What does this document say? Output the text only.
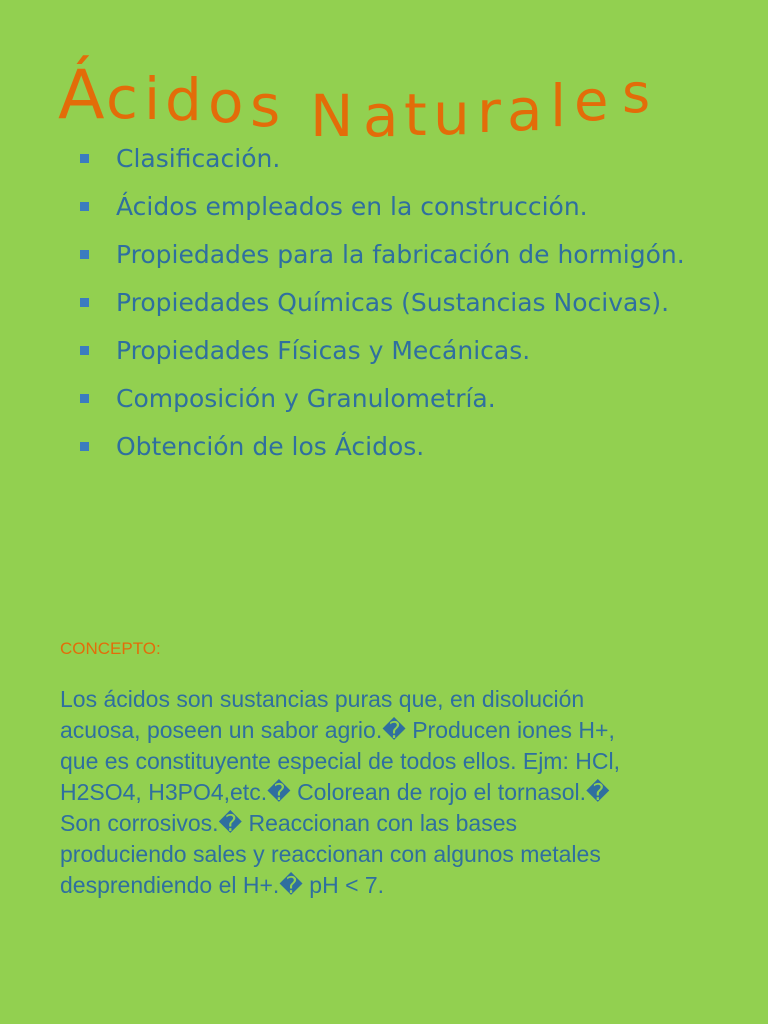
Á c i d o s N a t u r a l e s
Clasificación.
Ácidos empleados en la construcción.
Propiedades para la fabricación de hormigón.
Propiedades Químicas (Sustancias Nocivas).
Propiedades Físicas y Mecánicas.
Composición y Granulometría.
Obtención de los Ácidos.
CONCEPTO:
Los ácidos son sustancias puras que, en disolución
acuosa, poseen un sabor agrio.� Producen iones H+,
que es constituyente especial de todos ellos. Ejm: HCl,
H2SO4, H3PO4,etc.� Colorean de rojo el tornasol.�
Son corrosivos.� Reaccionan con las bases
produciendo sales y reaccionan con algunos metales
desprendiendo el H+.� pH < 7.
